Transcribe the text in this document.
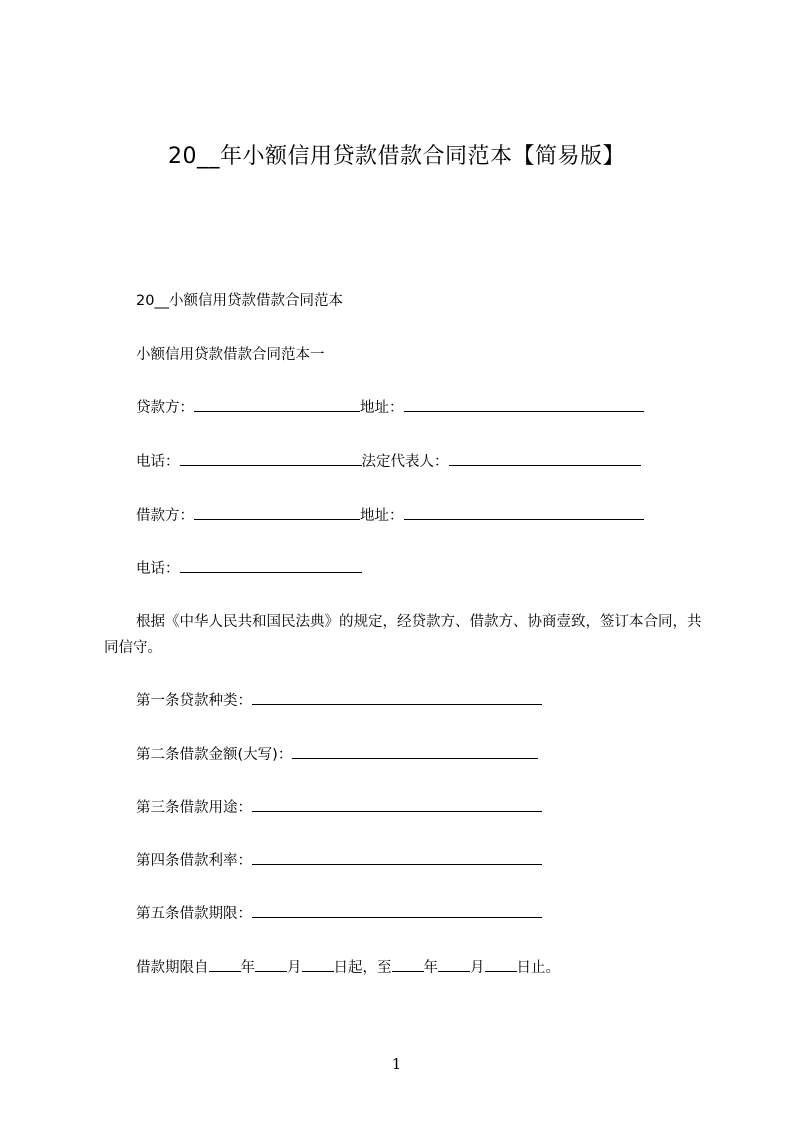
20__年小额信用贷款借款合同范本【简易版】
20__小额信用贷款借款合同范本
小额信用贷款借款合同范本一
贷款方：	地址：
电话：	法定代表人：
借款方：	地址：
电话：
根据《中华人民共和国民法典》的规定，经贷款方、借款方、协商壹致，签订本合同，共同信守。
第一条贷款种类：
第二条借款金额(大写)：
第三条借款用途：
第四条借款利率：
第五条借款期限：
借款期限自 年 月 日起，至 年 月 日止。
1
